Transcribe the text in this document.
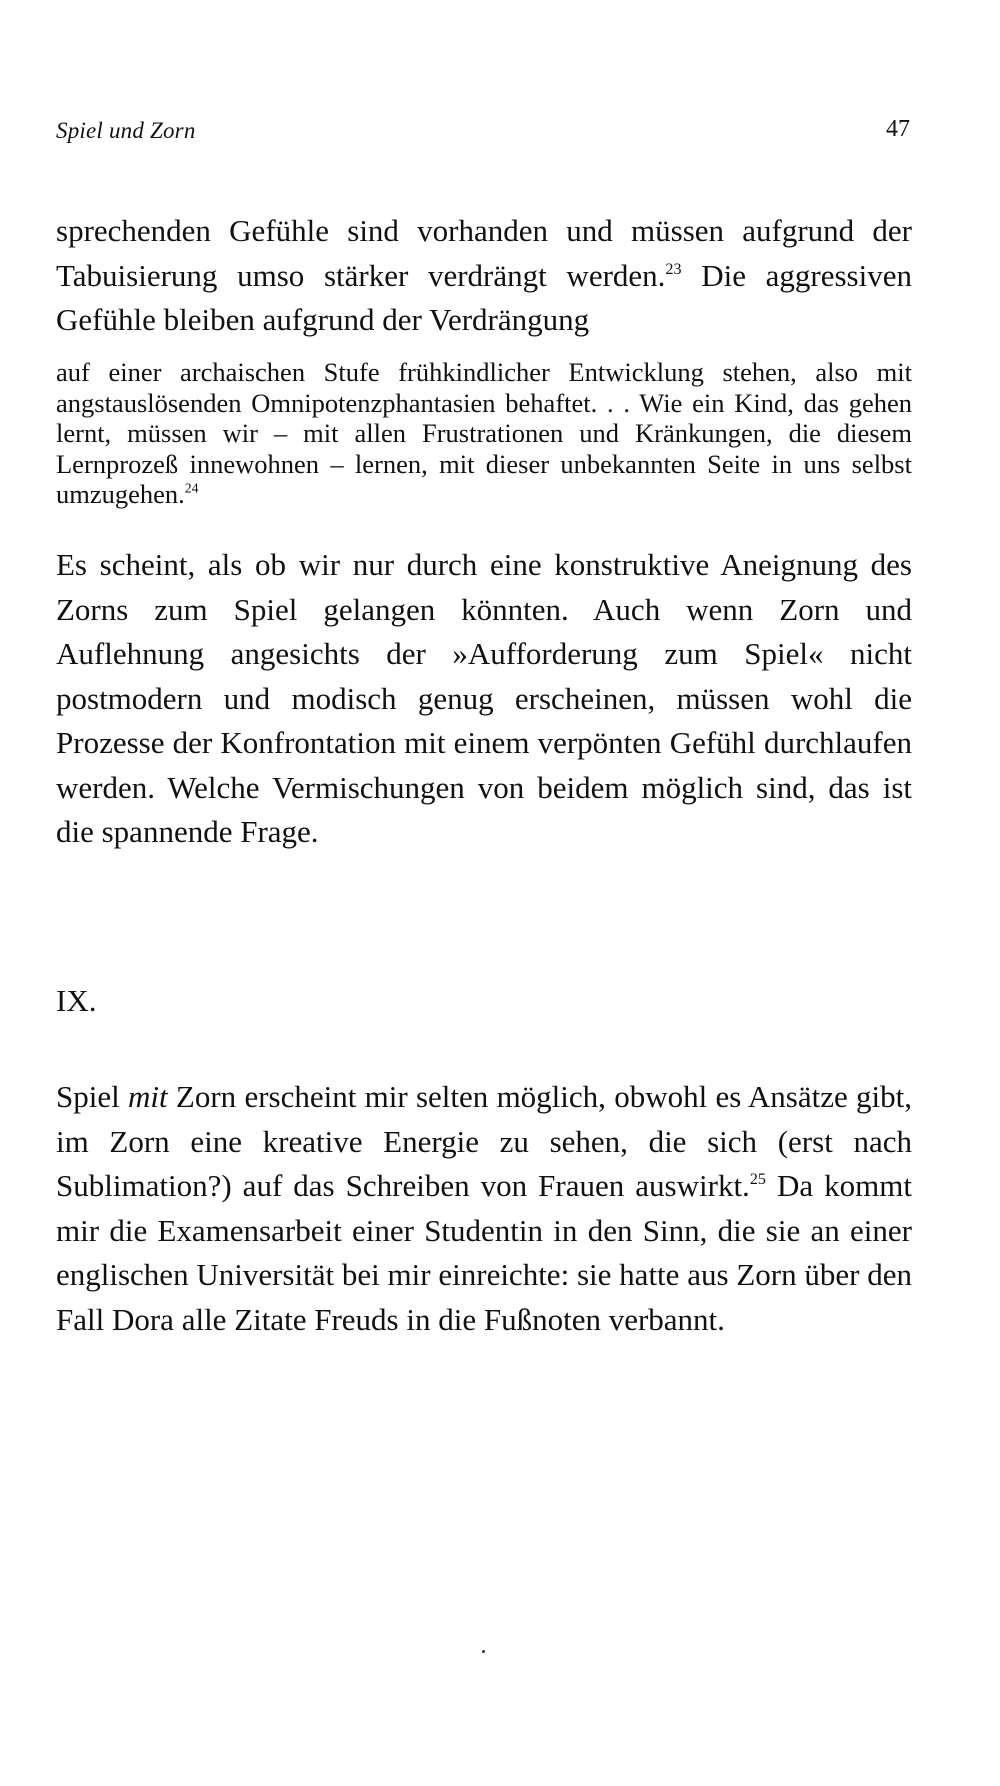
Spiel und Zorn	47

sprechenden Gefühle sind vorhanden und müssen aufgrund der Tabuisierung umso stärker verdrängt werden.$^{23}$ Die aggressiven Gefühle bleiben aufgrund der Verdrängung

auf einer archaischen Stufe frühkindlicher Entwicklung stehen, also mit angstauslösenden Omnipotenzphantasien behaftet. . . Wie ein Kind, das gehen lernt, müssen wir – mit allen Frustrationen und Kränkungen, die diesem Lernprozeß innewohnen – lernen, mit dieser unbekannten Seite in uns selbst umzugehen.$^{24}$

Es scheint, als ob wir nur durch eine konstruktive Aneignung des Zorns zum Spiel gelangen könnten. Auch wenn Zorn und Auflehnung angesichts der »Aufforderung zum Spiel« nicht postmodern und modisch genug erscheinen, müssen wohl die Prozesse der Konfrontation mit einem verpönten Gefühl durchlaufen werden. Welche Vermischungen von beidem möglich sind, das ist die spannende Frage.

IX.

Spiel mit Zorn erscheint mir selten möglich, obwohl es Ansätze gibt, im Zorn eine kreative Energie zu sehen, die sich (erst nach Sublimation?) auf das Schreiben von Frauen auswirkt.$^{25}$ Da kommt mir die Examensarbeit einer Studentin in den Sinn, die sie an einer englischen Universität bei mir einreichte: sie hatte aus Zorn über den Fall Dora alle Zitate Freuds in die Fußnoten verbannt.
